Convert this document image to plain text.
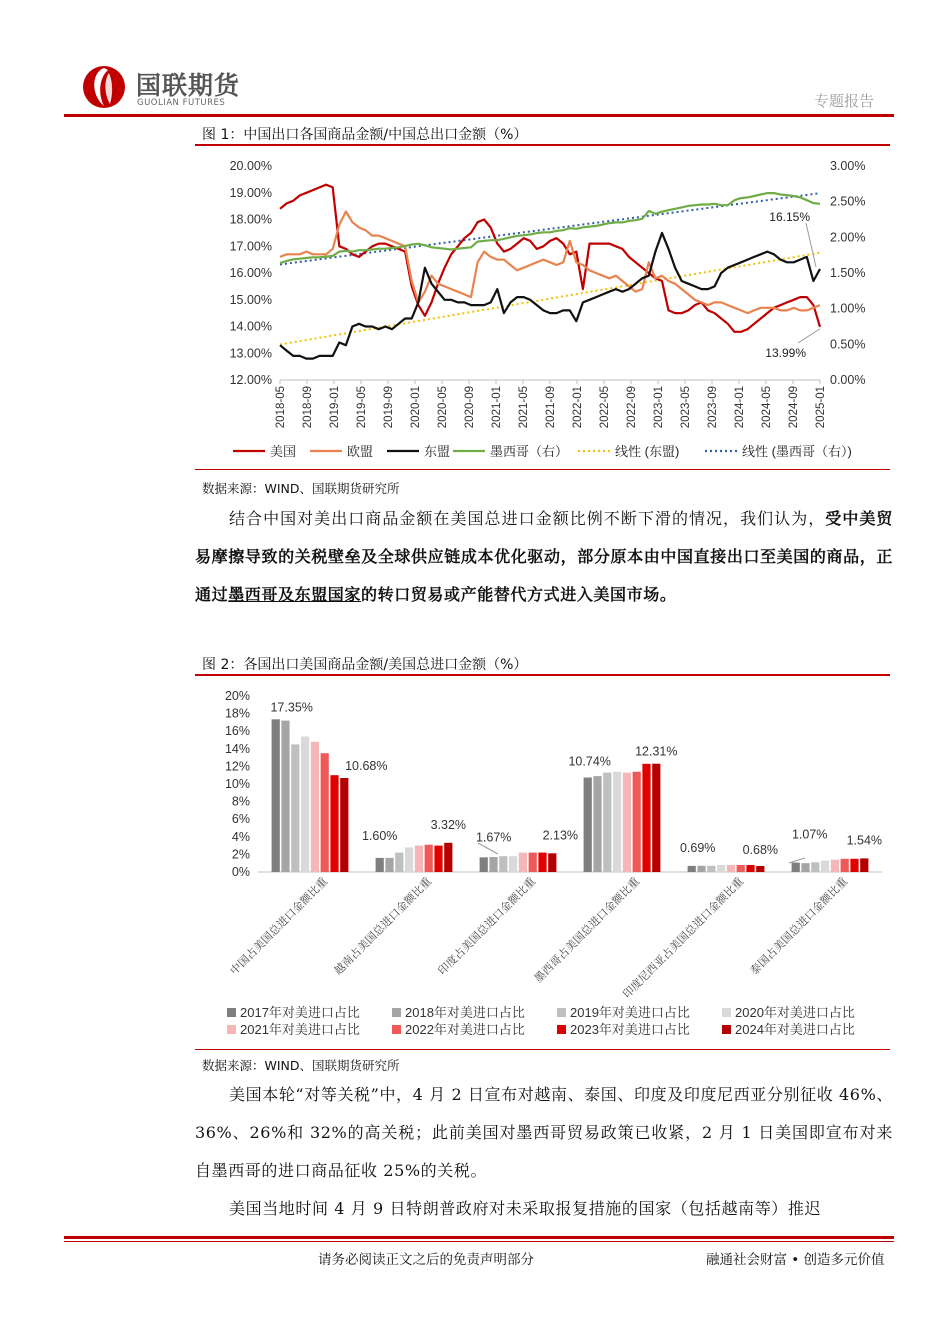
国联期货
GUOLIAN FUTURES	专题报告
图 1：中国出口各国商品金额/中国总出口金额（%）
20.00%
19.00%
18.00%
17.00%
16.00%
15.00%
14.00%
13.00%
12.00%
3.00%
2.50%
2.00%
1.50%
1.00%
0.50%
0.00%
2018-05 2018-09 2019-01 2019-05 2019-09 2020-01 2020-05 2020-09 2021-01 2021-05 2021-09 2022-01 2022-05 2022-09 2023-01 2023-05 2023-09 2024-01 2024-05 2024-09 2025-01
16.15%
13.99%
美国	欧盟	东盟	墨西哥（右）	线性 (东盟)	线性 (墨西哥（右）)
数据来源：WIND、国联期货研究所
结合中国对美出口商品金额在美国总进口金额比例不断下滑的情况，我们认为，受中美贸易摩擦导致的关税壁垒及全球供应链成本优化驱动，部分原本由中国直接出口至美国的商品，正通过墨西哥及东盟国家的转口贸易或产能替代方式进入美国市场。
图 2：各国出口美国商品金额/美国总进口金额（%）
20%
18%
16%
14%
12%
10%
8%
6%
4%
2%
0%
17.35%
10.68%
中国占美国总进口金额比重
1.60%
3.32%
越南占美国总进口金额比重
1.67% 2.13%
印度占美国总进口金额比重
10.74%
12.31%
墨西哥占美国总进口金额比重
0.69% 0.68%
印度尼西亚占美国总进口金额比重
1.07% 1.54%
泰国占美国总进口金额比重
2017年对美进口占比	2018年对美进口占比	2019年对美进口占比	2020年对美进口占比
2021年对美进口占比	2022年对美进口占比	2023年对美进口占比	2024年对美进口占比
数据来源：WIND、国联期货研究所
美国本轮“对等关税”中，4 月 2 日宣布对越南、泰国、印度及印度尼西亚分别征收 46%、36%、26%和 32%的高关税；此前美国对墨西哥贸易政策已收紧，2 月 1 日美国即宣布对来自墨西哥的进口商品征收 25%的关税。
美国当地时间 4 月 9 日特朗普政府对未采取报复措施的国家（包括越南等）推迟
请务必阅读正文之后的免责声明部分	融通社会财富 • 创造多元价值
